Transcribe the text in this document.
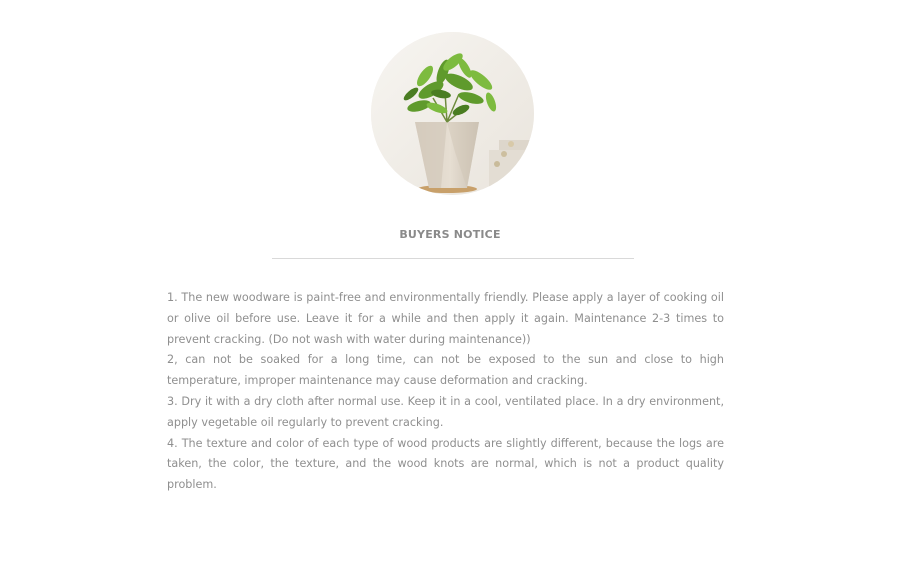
BUYERS NOTICE

1. The new woodware is paint-free and environmentally friendly. Please apply a layer of cooking oil or olive oil before use. Leave it for a while and then apply it again. Maintenance 2-3 times to prevent cracking. (Do not wash with water during maintenance))

2, can not be soaked for a long time, can not be exposed to the sun and close to high temperature, improper maintenance may cause deformation and cracking.

3. Dry it with a dry cloth after normal use. Keep it in a cool, ventilated place. In a dry environment, apply vegetable oil regularly to prevent cracking.

4. The texture and color of each type of wood products are slightly different, because the logs are taken, the color, the texture, and the wood knots are normal, which is not a product quality problem.
